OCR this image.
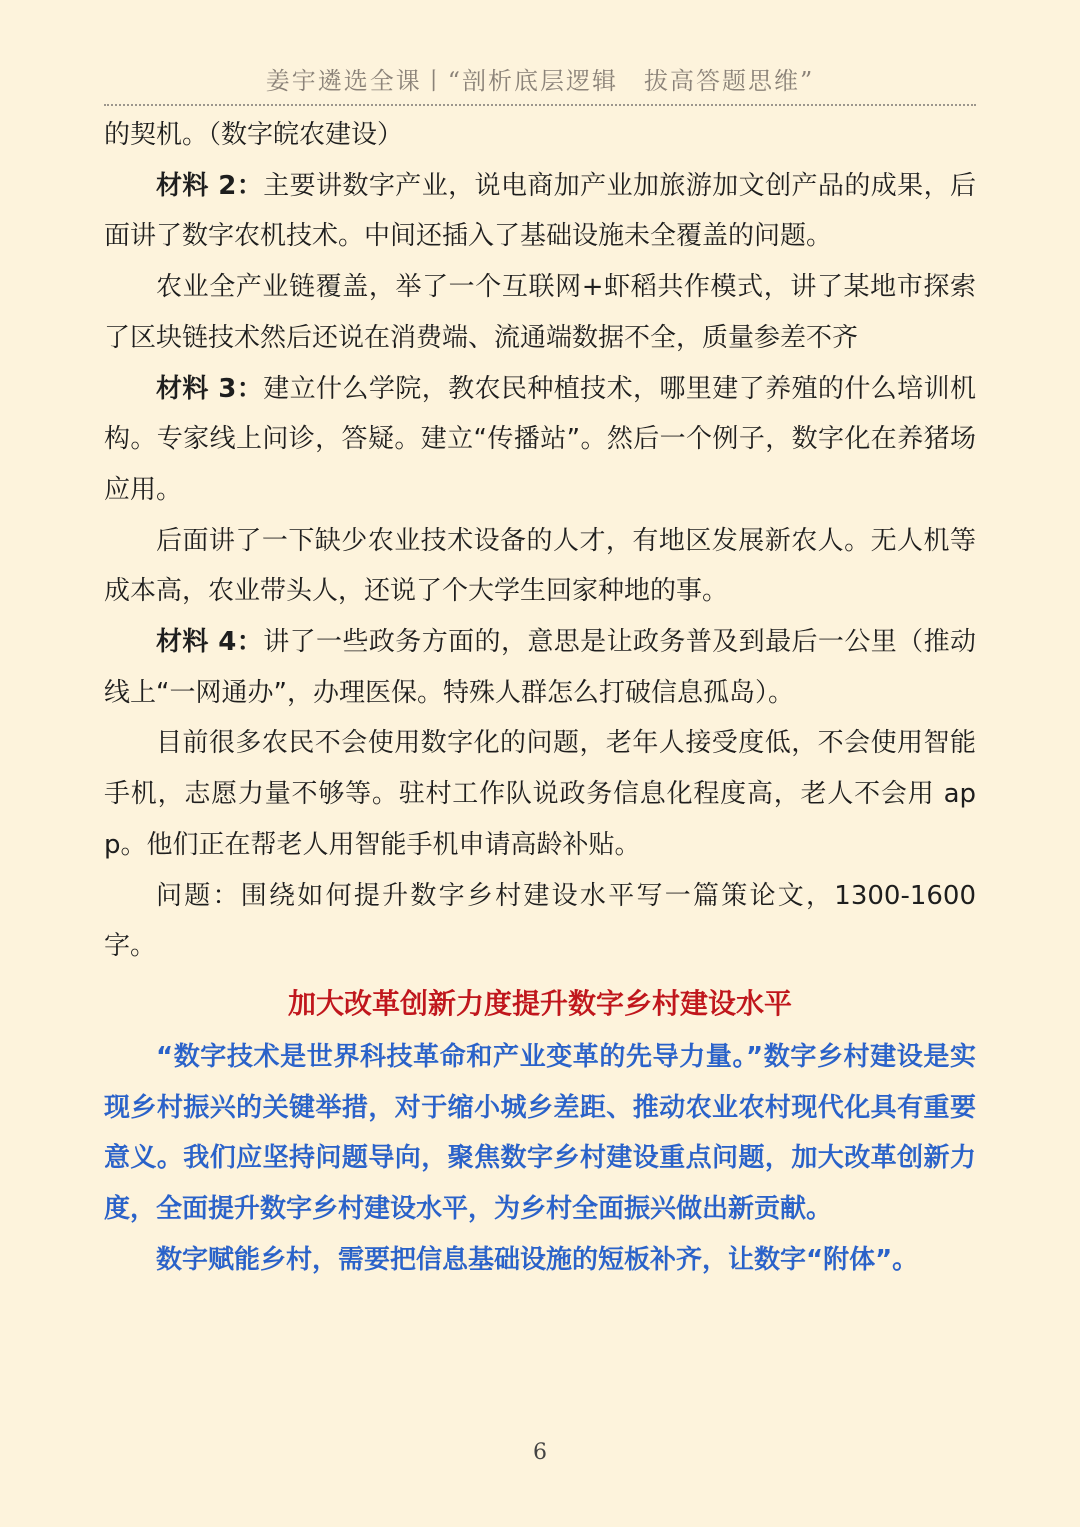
姜宇遴选全课丨“剖析底层逻辑　拔高答题思维”

的契机。（数字皖农建设）

材料 2：主要讲数字产业，说电商加产业加旅游加文创产品的成果，后面讲了数字农机技术。中间还插入了基础设施未全覆盖的问题。

农业全产业链覆盖，举了一个互联网+虾稻共作模式，讲了某地市探索了区块链技术然后还说在消费端、流通端数据不全，质量参差不齐

材料 3：建立什么学院，教农民种植技术，哪里建了养殖的什么培训机构。专家线上问诊，答疑。建立“传播站”。然后一个例子，数字化在养猪场应用。

后面讲了一下缺少农业技术设备的人才，有地区发展新农人。无人机等成本高，农业带头人，还说了个大学生回家种地的事。

材料 4：讲了一些政务方面的，意思是让政务普及到最后一公里（推动线上“一网通办”，办理医保。特殊人群怎么打破信息孤岛）。

目前很多农民不会使用数字化的问题，老年人接受度低，不会使用智能手机，志愿力量不够等。驻村工作队说政务信息化程度高，老人不会用 app。他们正在帮老人用智能手机申请高龄补贴。

问题：围绕如何提升数字乡村建设水平写一篇策论文，1300-1600 字。

加大改革创新力度提升数字乡村建设水平

“数字技术是世界科技革命和产业变革的先导力量。”数字乡村建设是实现乡村振兴的关键举措，对于缩小城乡差距、推动农业农村现代化具有重要意义。我们应坚持问题导向，聚焦数字乡村建设重点问题，加大改革创新力度，全面提升数字乡村建设水平，为乡村全面振兴做出新贡献。

数字赋能乡村，需要把信息基础设施的短板补齐，让数字“附体”。

6
